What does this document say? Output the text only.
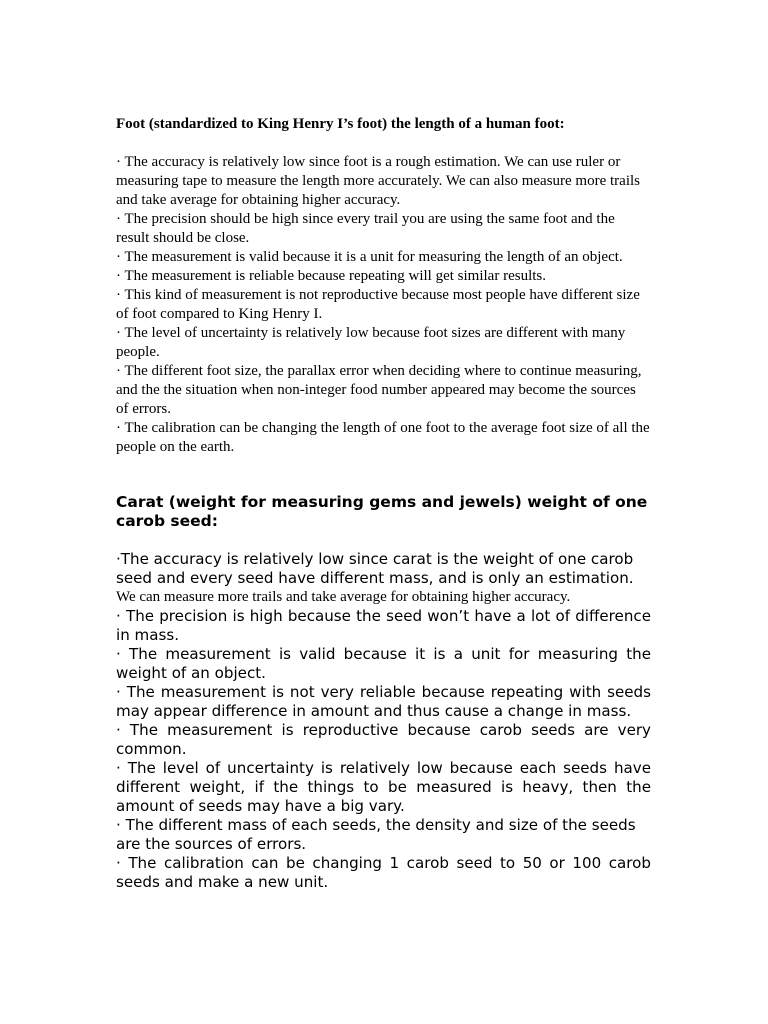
Foot (standardized to King Henry I’s foot) the length of a human foot:

· The accuracy is relatively low since foot is a rough estimation. We can use ruler or measuring tape to measure the length more accurately. We can also measure more trails and take average for obtaining higher accuracy.

· The precision should be high since every trail you are using the same foot and the result should be close.

· The measurement is valid because it is a unit for measuring the length of an object.

· The measurement is reliable because repeating will get similar results.

· This kind of measurement is not reproductive because most people have different size of foot compared to King Henry I.

· The level of uncertainty is relatively low because foot sizes are different with many people.

· The different foot size, the parallax error when deciding where to continue measuring, and the the situation when non-integer food number appeared may become the sources of errors.

· The calibration can be changing the length of one foot to the average foot size of all the people on the earth.

Carat (weight for measuring gems and jewels) weight of one carob seed:

·The accuracy is relatively low since carat is the weight of one carob seed and every seed have different mass, and is only an estimation.

We can measure more trails and take average for obtaining higher accuracy.

· The precision is high because the seed won’t have a lot of difference in mass.

· The measurement is valid because it is a unit for measuring the weight of an object.

· The measurement is not very reliable because repeating with seeds may appear difference in amount and thus cause a change in mass.

· The measurement is reproductive because carob seeds are very common.

· The level of uncertainty is relatively low because each seeds have different weight, if the things to be measured is heavy, then the amount of seeds may have a big vary.

· The different mass of each seeds, the density and size of the seeds are the sources of errors.

· The calibration can be changing 1 carob seed to 50 or 100 carob seeds and make a new unit.
